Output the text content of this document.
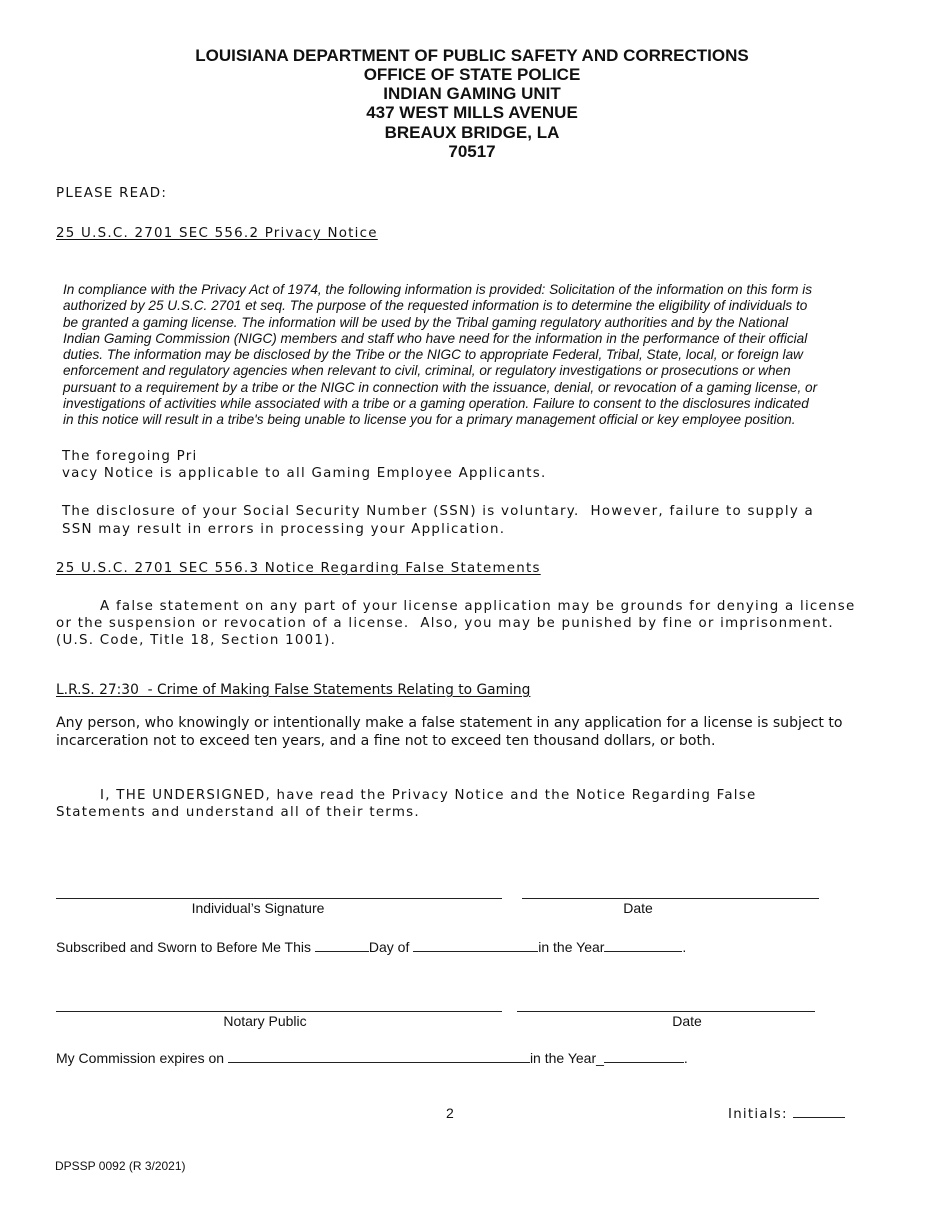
LOUISIANA DEPARTMENT OF PUBLIC SAFETY AND CORRECTIONS
OFFICE OF STATE POLICE
INDIAN GAMING UNIT
437 WEST MILLS AVENUE
BREAUX BRIDGE, LA
70517
PLEASE READ:
25 U.S.C. 2701 SEC 556.2 Privacy Notice
In compliance with the Privacy Act of 1974, the following information is provided: Solicitation of the information on this form is
authorized by 25 U.S.C. 2701 et seq. The purpose of the requested information is to determine the eligibility of individuals to
be granted a gaming license. The information will be used by the Tribal gaming regulatory authorities and by the National
Indian Gaming Commission (NIGC) members and staff who have need for the information in the performance of their official
duties. The information may be disclosed by the Tribe or the NIGC to appropriate Federal, Tribal, State, local, or foreign law
enforcement and regulatory agencies when relevant to civil, criminal, or regulatory investigations or prosecutions or when
pursuant to a requirement by a tribe or the NIGC in connection with the issuance, denial, or revocation of a gaming license, or
investigations of activities while associated with a tribe or a gaming operation. Failure to consent to the disclosures indicated
in this notice will result in a tribe's being unable to license you for a primary management official or key employee position.
The foregoing Pri
vacy Notice is applicable to all Gaming Employee Applicants.
The disclosure of your Social Security Number (SSN) is voluntary.  However, failure to supply a
SSN may result in errors in processing your Application.
25 U.S.C. 2701 SEC 556.3 Notice Regarding False Statements
A false statement on any part of your license application may be grounds for denying a license
or the suspension or revocation of a license.  Also, you may be punished by fine or imprisonment.
(U.S. Code, Title 18, Section 1001).
L.R.S. 27:30  - Crime of Making False Statements Relating to Gaming
Any person, who knowingly or intentionally make a false statement in any application for a license is subject to
incarceration not to exceed ten years, and a fine not to exceed ten thousand dollars, or both.
I, THE UNDERSIGNED, have read the Privacy Notice and the Notice Regarding False
Statements and understand all of their terms.
Individual’s Signature	Date
Subscribed and Sworn to Before Me This	Day of	in the Year	.
Notary Public	Date
My Commission expires on	in the Year_	.
2	Initials:
DPSSP 0092 (R 3/2021)
